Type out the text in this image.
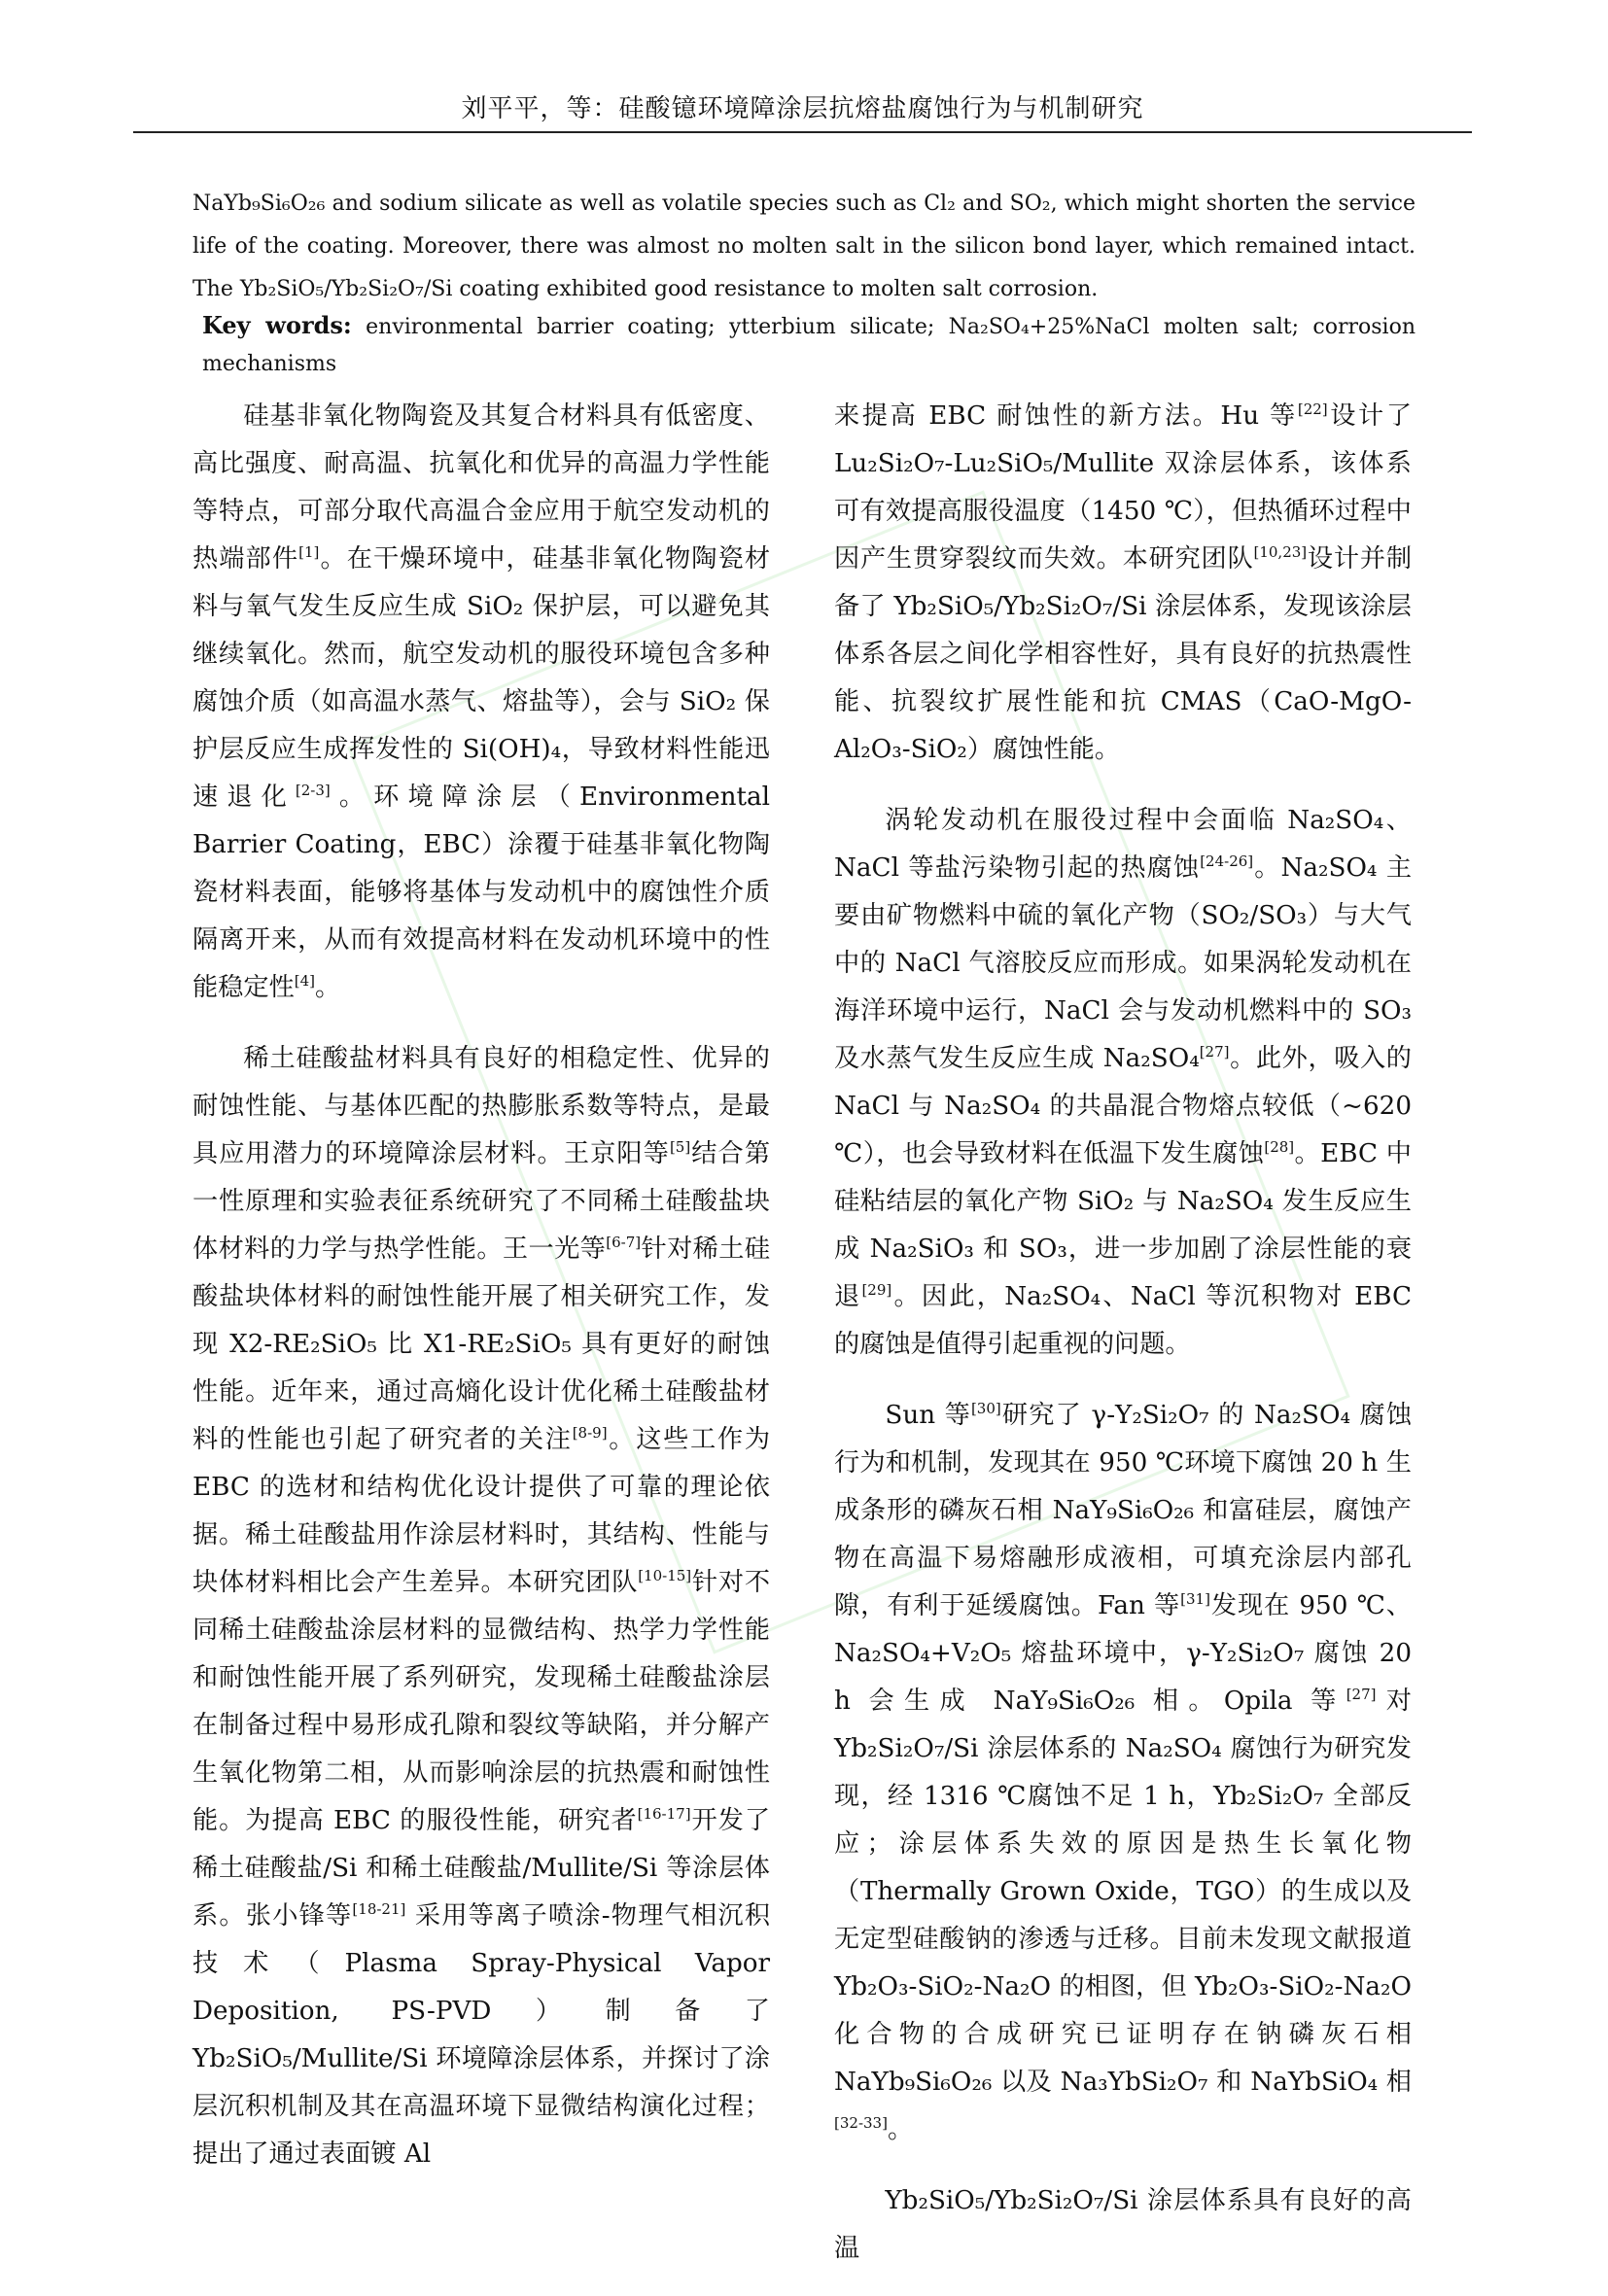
刘平平，等：硅酸镱环境障涂层抗熔盐腐蚀行为与机制研究

NaYb₉Si₆O₂₆ and sodium silicate as well as volatile species such as Cl₂ and SO₂, which might shorten the service life of the coating. Moreover, there was almost no molten salt in the silicon bond layer, which remained intact. The Yb₂SiO₅/Yb₂Si₂O₇/Si coating exhibited good resistance to molten salt corrosion.

Key words: environmental barrier coating; ytterbium silicate; Na₂SO₄+25%NaCl molten salt; corrosion mechanisms

硅基非氧化物陶瓷及其复合材料具有低密度、高比强度、耐高温、抗氧化和优异的高温力学性能等特点，可部分取代高温合金应用于航空发动机的热端部件[1]。在干燥环境中，硅基非氧化物陶瓷材料与氧气发生反应生成 SiO₂ 保护层，可以避免其继续氧化。然而，航空发动机的服役环境包含多种腐蚀介质（如高温水蒸气、熔盐等），会与 SiO₂ 保护层反应生成挥发性的 Si(OH)₄，导致材料性能迅速退化[2-3]。环境障涂层（Environmental Barrier Coating，EBC）涂覆于硅基非氧化物陶瓷材料表面，能够将基体与发动机中的腐蚀性介质隔离开来，从而有效提高材料在发动机环境中的性能稳定性[4]。

稀土硅酸盐材料具有良好的相稳定性、优异的耐蚀性能、与基体匹配的热膨胀系数等特点，是最具应用潜力的环境障涂层材料。王京阳等[5]结合第一性原理和实验表征系统研究了不同稀土硅酸盐块体材料的力学与热学性能。王一光等[6-7]针对稀土硅酸盐块体材料的耐蚀性能开展了相关研究工作，发现 X2-RE₂SiO₅ 比 X1-RE₂SiO₅ 具有更好的耐蚀性能。近年来，通过高熵化设计优化稀土硅酸盐材料的性能也引起了研究者的关注[8-9]。这些工作为 EBC 的选材和结构优化设计提供了可靠的理论依据。稀土硅酸盐用作涂层材料时，其结构、性能与块体材料相比会产生差异。本研究团队[10-15]针对不同稀土硅酸盐涂层材料的显微结构、热学力学性能和耐蚀性能开展了系列研究，发现稀土硅酸盐涂层在制备过程中易形成孔隙和裂纹等缺陷，并分解产生氧化物第二相，从而影响涂层的抗热震和耐蚀性能。为提高 EBC 的服役性能，研究者[16-17]开发了稀土硅酸盐/Si 和稀土硅酸盐/Mullite/Si 等涂层体系。张小锋等[18-21] 采用等离子喷涂-物理气相沉积技术（Plasma Spray-Physical Vapor Deposition, PS-PVD）制备了 Yb₂SiO₅/Mullite/Si 环境障涂层体系，并探讨了涂层沉积机制及其在高温环境下显微结构演化过程；提出了通过表面镀 Al

来提高 EBC 耐蚀性的新方法。Hu 等[22]设计了 Lu₂Si₂O₇-Lu₂SiO₅/Mullite 双涂层体系，该体系可有效提高服役温度（1450 ℃），但热循环过程中因产生贯穿裂纹而失效。本研究团队[10,23]设计并制备了 Yb₂SiO₅/Yb₂Si₂O₇/Si 涂层体系，发现该涂层体系各层之间化学相容性好，具有良好的抗热震性能、抗裂纹扩展性能和抗 CMAS（CaO-MgO-Al₂O₃-SiO₂）腐蚀性能。

涡轮发动机在服役过程中会面临 Na₂SO₄、NaCl 等盐污染物引起的热腐蚀[24-26]。Na₂SO₄ 主要由矿物燃料中硫的氧化产物（SO₂/SO₃）与大气中的 NaCl 气溶胶反应而形成。如果涡轮发动机在海洋环境中运行，NaCl 会与发动机燃料中的 SO₃ 及水蒸气发生反应生成 Na₂SO₄[27]。此外，吸入的 NaCl 与 Na₂SO₄ 的共晶混合物熔点较低（~620 ℃），也会导致材料在低温下发生腐蚀[28]。EBC 中硅粘结层的氧化产物 SiO₂ 与 Na₂SO₄ 发生反应生成 Na₂SiO₃ 和 SO₃，进一步加剧了涂层性能的衰退[29]。因此，Na₂SO₄、NaCl 等沉积物对 EBC 的腐蚀是值得引起重视的问题。

Sun 等[30]研究了 γ-Y₂Si₂O₇ 的 Na₂SO₄ 腐蚀行为和机制，发现其在 950 ℃环境下腐蚀 20 h 生成条形的磷灰石相 NaY₉Si₆O₂₆ 和富硅层，腐蚀产物在高温下易熔融形成液相，可填充涂层内部孔隙，有利于延缓腐蚀。Fan 等[31]发现在 950 ℃、Na₂SO₄+V₂O₅ 熔盐环境中，γ-Y₂Si₂O₇ 腐蚀 20 h 会生成 NaY₉Si₆O₂₆ 相。Opila 等[27]对 Yb₂Si₂O₇/Si 涂层体系的 Na₂SO₄ 腐蚀行为研究发现，经 1316 ℃腐蚀不足 1 h，Yb₂Si₂O₇ 全部反应；涂层体系失效的原因是热生长氧化物（Thermally Grown Oxide，TGO）的生成以及无定型硅酸钠的渗透与迁移。目前未发现文献报道 Yb₂O₃-SiO₂-Na₂O 的相图，但 Yb₂O₃-SiO₂-Na₂O 化合物的合成研究已证明存在钠磷灰石相 NaYb₉Si₆O₂₆ 以及 Na₃YbSi₂O₇ 和 NaYbSiO₄ 相[32-33]。

Yb₂SiO₅/Yb₂Si₂O₇/Si 涂层体系具有良好的高温
